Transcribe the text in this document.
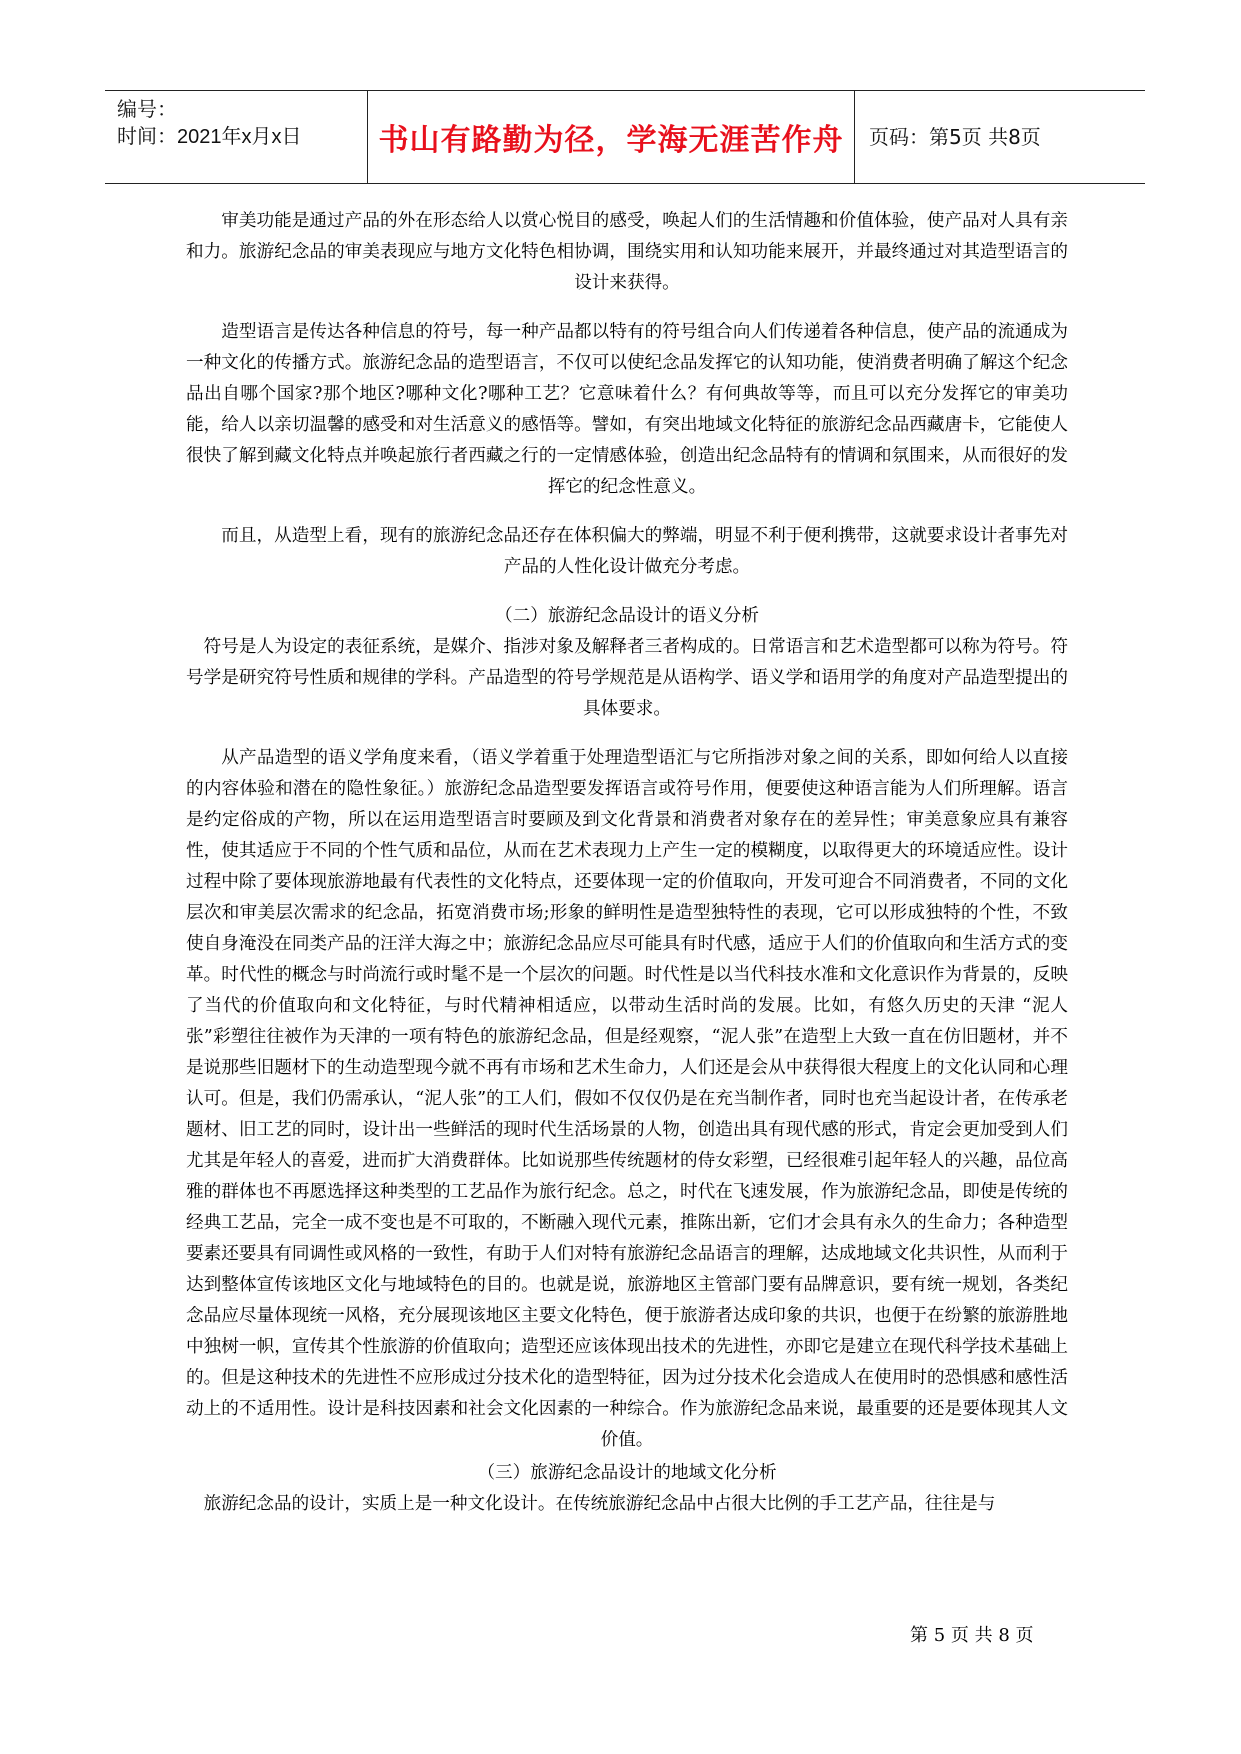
编号：
时间：2021年x月x日	书山有路勤为径，学海无涯苦作舟	页码：第5页 共8页

审美功能是通过产品的外在形态给人以赏心悦目的感受，唤起人们的生活情趣和价值体验，使产品对人具有亲和力。旅游纪念品的审美表现应与地方文化特色相协调，围绕实用和认知功能来展开，并最终通过对其造型语言的设计来获得。

造型语言是传达各种信息的符号，每一种产品都以特有的符号组合向人们传递着各种信息，使产品的流通成为一种文化的传播方式。旅游纪念品的造型语言，不仅可以使纪念品发挥它的认知功能，使消费者明确了解这个纪念品出自哪个国家?那个地区?哪种文化?哪种工艺？它意味着什么？有何典故等等，而且可以充分发挥它的审美功能，给人以亲切温馨的感受和对生活意义的感悟等。譬如，有突出地域文化特征的旅游纪念品西藏唐卡，它能使人很快了解到藏文化特点并唤起旅行者西藏之行的一定情感体验，创造出纪念品特有的情调和氛围来，从而很好的发挥它的纪念性意义。

而且，从造型上看，现有的旅游纪念品还存在体积偏大的弊端，明显不利于便利携带，这就要求设计者事先对产品的人性化设计做充分考虑。

（二）旅游纪念品设计的语义分析

符号是人为设定的表征系统，是媒介、指涉对象及解释者三者构成的。日常语言和艺术造型都可以称为符号。符号学是研究符号性质和规律的学科。产品造型的符号学规范是从语构学、语义学和语用学的角度对产品造型提出的具体要求。

从产品造型的语义学角度来看，（语义学着重于处理造型语汇与它所指涉对象之间的关系，即如何给人以直接的内容体验和潜在的隐性象征。）旅游纪念品造型要发挥语言或符号作用，便要使这种语言能为人们所理解。语言是约定俗成的产物，所以在运用造型语言时要顾及到文化背景和消费者对象存在的差异性；审美意象应具有兼容性，使其适应于不同的个性气质和品位，从而在艺术表现力上产生一定的模糊度，以取得更大的环境适应性。设计过程中除了要体现旅游地最有代表性的文化特点，还要体现一定的价值取向，开发可迎合不同消费者，不同的文化层次和审美层次需求的纪念品，拓宽消费市场;形象的鲜明性是造型独特性的表现，它可以形成独特的个性，不致使自身淹没在同类产品的汪洋大海之中；旅游纪念品应尽可能具有时代感，适应于人们的价值取向和生活方式的变革。时代性的概念与时尚流行或时髦不是一个层次的问题。时代性是以当代科技水准和文化意识作为背景的，反映了当代的价值取向和文化特征，与时代精神相适应，以带动生活时尚的发展。比如，有悠久历史的天津 “泥人张”彩塑往往被作为天津的一项有特色的旅游纪念品，但是经观察，“泥人张”在造型上大致一直在仿旧题材，并不是说那些旧题材下的生动造型现今就不再有市场和艺术生命力，人们还是会从中获得很大程度上的文化认同和心理认可。但是，我们仍需承认，“泥人张”的工人们，假如不仅仅仍是在充当制作者，同时也充当起设计者，在传承老题材、旧工艺的同时，设计出一些鲜活的现时代生活场景的人物，创造出具有现代感的形式，肯定会更加受到人们尤其是年轻人的喜爱，进而扩大消费群体。比如说那些传统题材的侍女彩塑，已经很难引起年轻人的兴趣，品位高雅的群体也不再愿选择这种类型的工艺品作为旅行纪念。总之，时代在飞速发展，作为旅游纪念品，即使是传统的经典工艺品，完全一成不变也是不可取的，不断融入现代元素，推陈出新，它们才会具有永久的生命力；各种造型要素还要具有同调性或风格的一致性，有助于人们对特有旅游纪念品语言的理解，达成地域文化共识性，从而利于达到整体宣传该地区文化与地域特色的目的。也就是说，旅游地区主管部门要有品牌意识，要有统一规划，各类纪念品应尽量体现统一风格，充分展现该地区主要文化特色，便于旅游者达成印象的共识，也便于在纷繁的旅游胜地中独树一帜，宣传其个性旅游的价值取向；造型还应该体现出技术的先进性，亦即它是建立在现代科学技术基础上的。但是这种技术的先进性不应形成过分技术化的造型特征，因为过分技术化会造成人在使用时的恐惧感和感性活动上的不适用性。设计是科技因素和社会文化因素的一种综合。作为旅游纪念品来说，最重要的还是要体现其人文价值。

（三）旅游纪念品设计的地域文化分析

旅游纪念品的设计，实质上是一种文化设计。在传统旅游纪念品中占很大比例的手工艺产品，往往是与

第 5 页 共 8 页
